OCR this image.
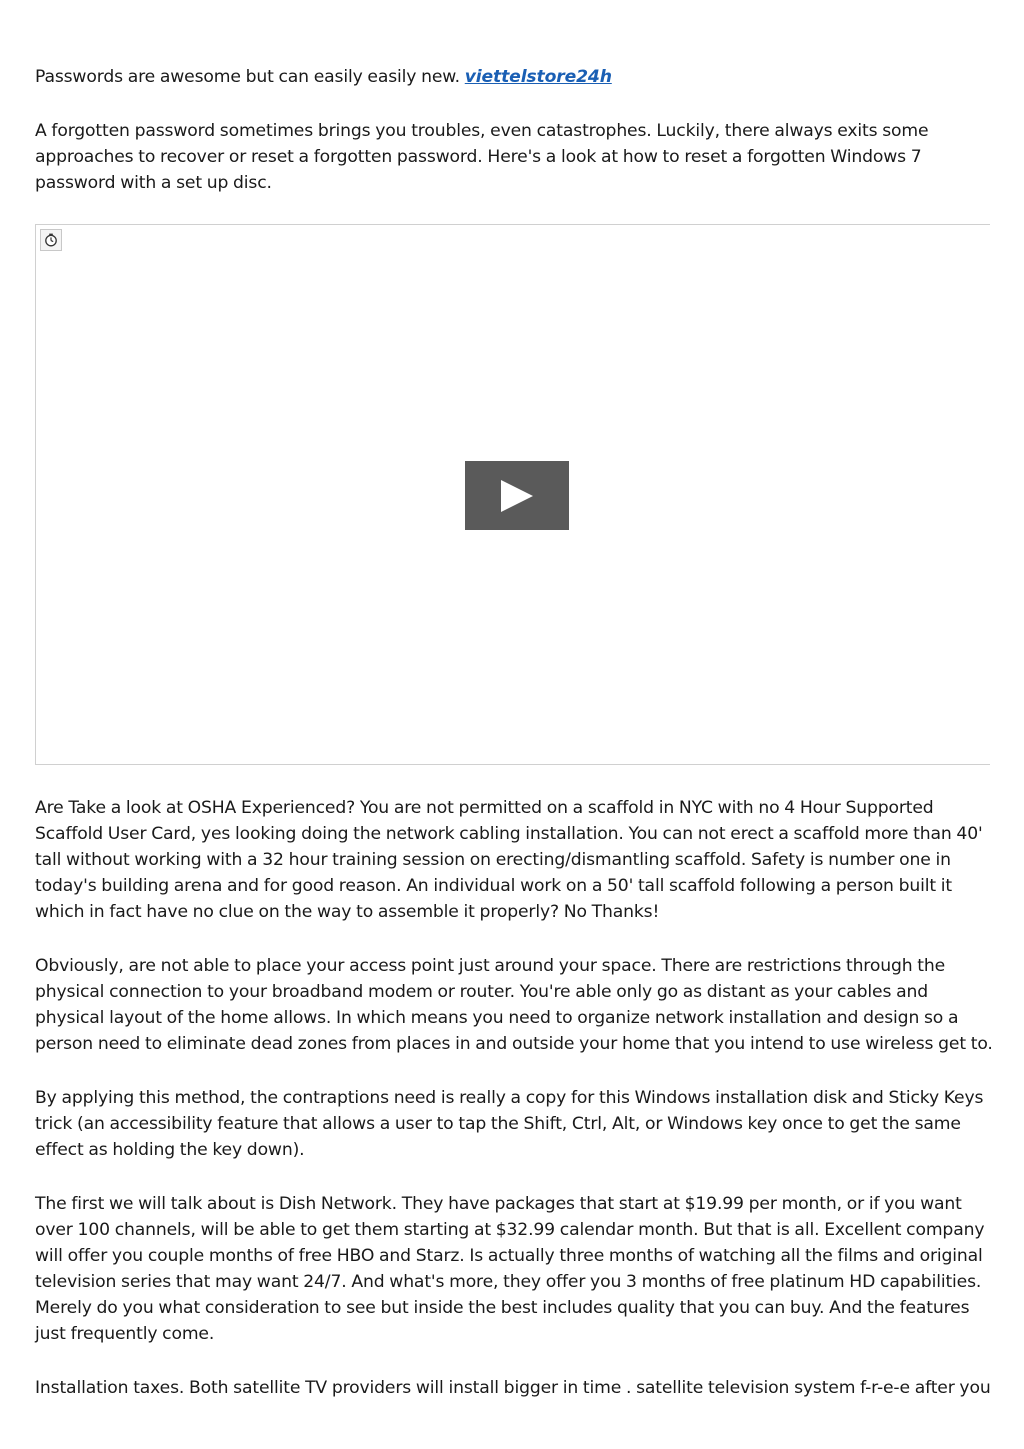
Passwords are awesome but can easily easily new. viettelstore24h

A forgotten password sometimes brings you troubles, even catastrophes. Luckily, there always exits some approaches to recover or reset a forgotten password. Here's a look at how to reset a forgotten Windows 7 password with a set up disc.

Are Take a look at OSHA Experienced? You are not permitted on a scaffold in NYC with no 4 Hour Supported Scaffold User Card, yes looking doing the network cabling installation. You can not erect a scaffold more than 40' tall without working with a 32 hour training session on erecting/dismantling scaffold. Safety is number one in today's building arena and for good reason. An individual work on a 50' tall scaffold following a person built it which in fact have no clue on the way to assemble it properly? No Thanks!

Obviously, are not able to place your access point just around your space. There are restrictions through the physical connection to your broadband modem or router. You're able only go as distant as your cables and physical layout of the home allows. In which means you need to organize network installation and design so a person need to eliminate dead zones from places in and outside your home that you intend to use wireless get to.

By applying this method, the contraptions need is really a copy for this Windows installation disk and Sticky Keys trick (an accessibility feature that allows a user to tap the Shift, Ctrl, Alt, or Windows key once to get the same effect as holding the key down).

The first we will talk about is Dish Network. They have packages that start at $19.99 per month, or if you want over 100 channels, will be able to get them starting at $32.99 calendar month. But that is all. Excellent company will offer you couple months of free HBO and Starz. Is actually three months of watching all the films and original television series that may want 24/7. And what's more, they offer you 3 months of free platinum HD capabilities. Merely do you what consideration to see but inside the best includes quality that you can buy. And the features just frequently come.

Installation taxes. Both satellite TV providers will install bigger in time . satellite television system f-r-e-e after you
